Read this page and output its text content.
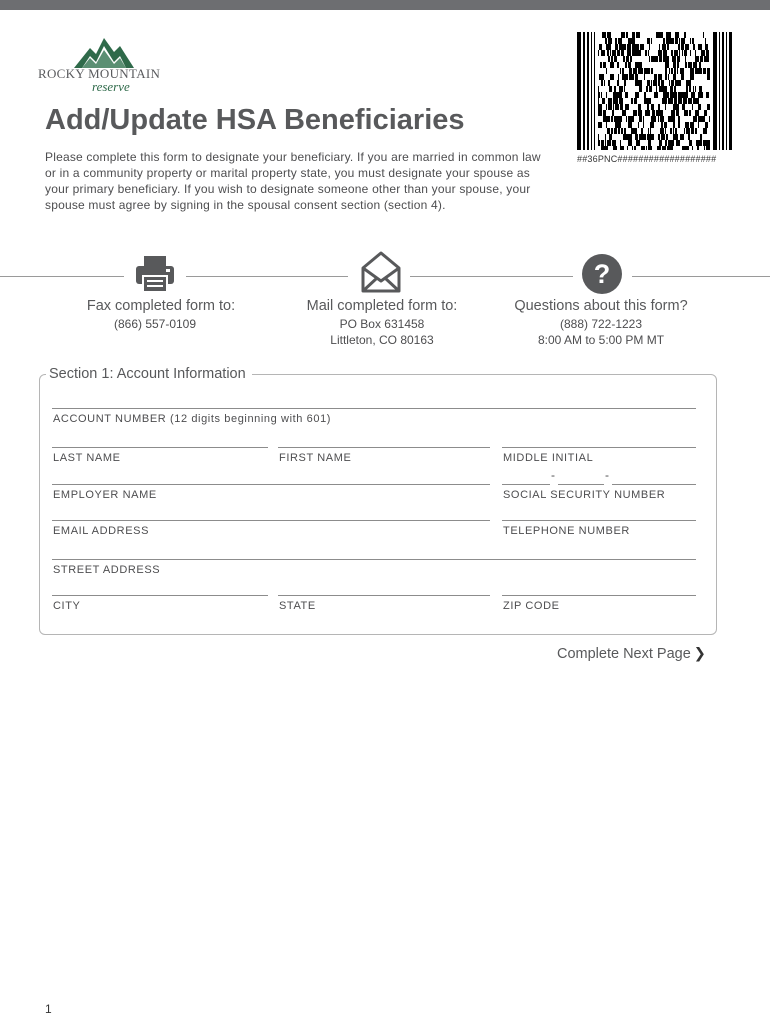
ROCKY MOUNTAIN
reserve
##36PNC###################
Add/Update HSA Beneficiaries

Please complete this form to designate your beneficiary. If you are married in common law or in a community property or marital property state, you must designate your spouse as your primary beneficiary. If you wish to designate someone other than your spouse, your spouse must agree by signing in the spousal consent section (section 4).

?
Fax completed form to:
(866) 557-0109
Mail completed form to:
PO Box 631458
Littleton, CO 80163
Questions about this form?
(888) 722-1223
8:00 AM to 5:00 PM MT
Section 1: Account Information
ACCOUNT NUMBER (12 digits beginning with 601)
LAST NAME	FIRST NAME	MIDDLE INITIAL
-	-
EMPLOYER NAME	SOCIAL SECURITY NUMBER
EMAIL ADDRESS	TELEPHONE NUMBER
STREET ADDRESS
CITY	STATE	ZIP CODE
Complete Next Page ❯
1
